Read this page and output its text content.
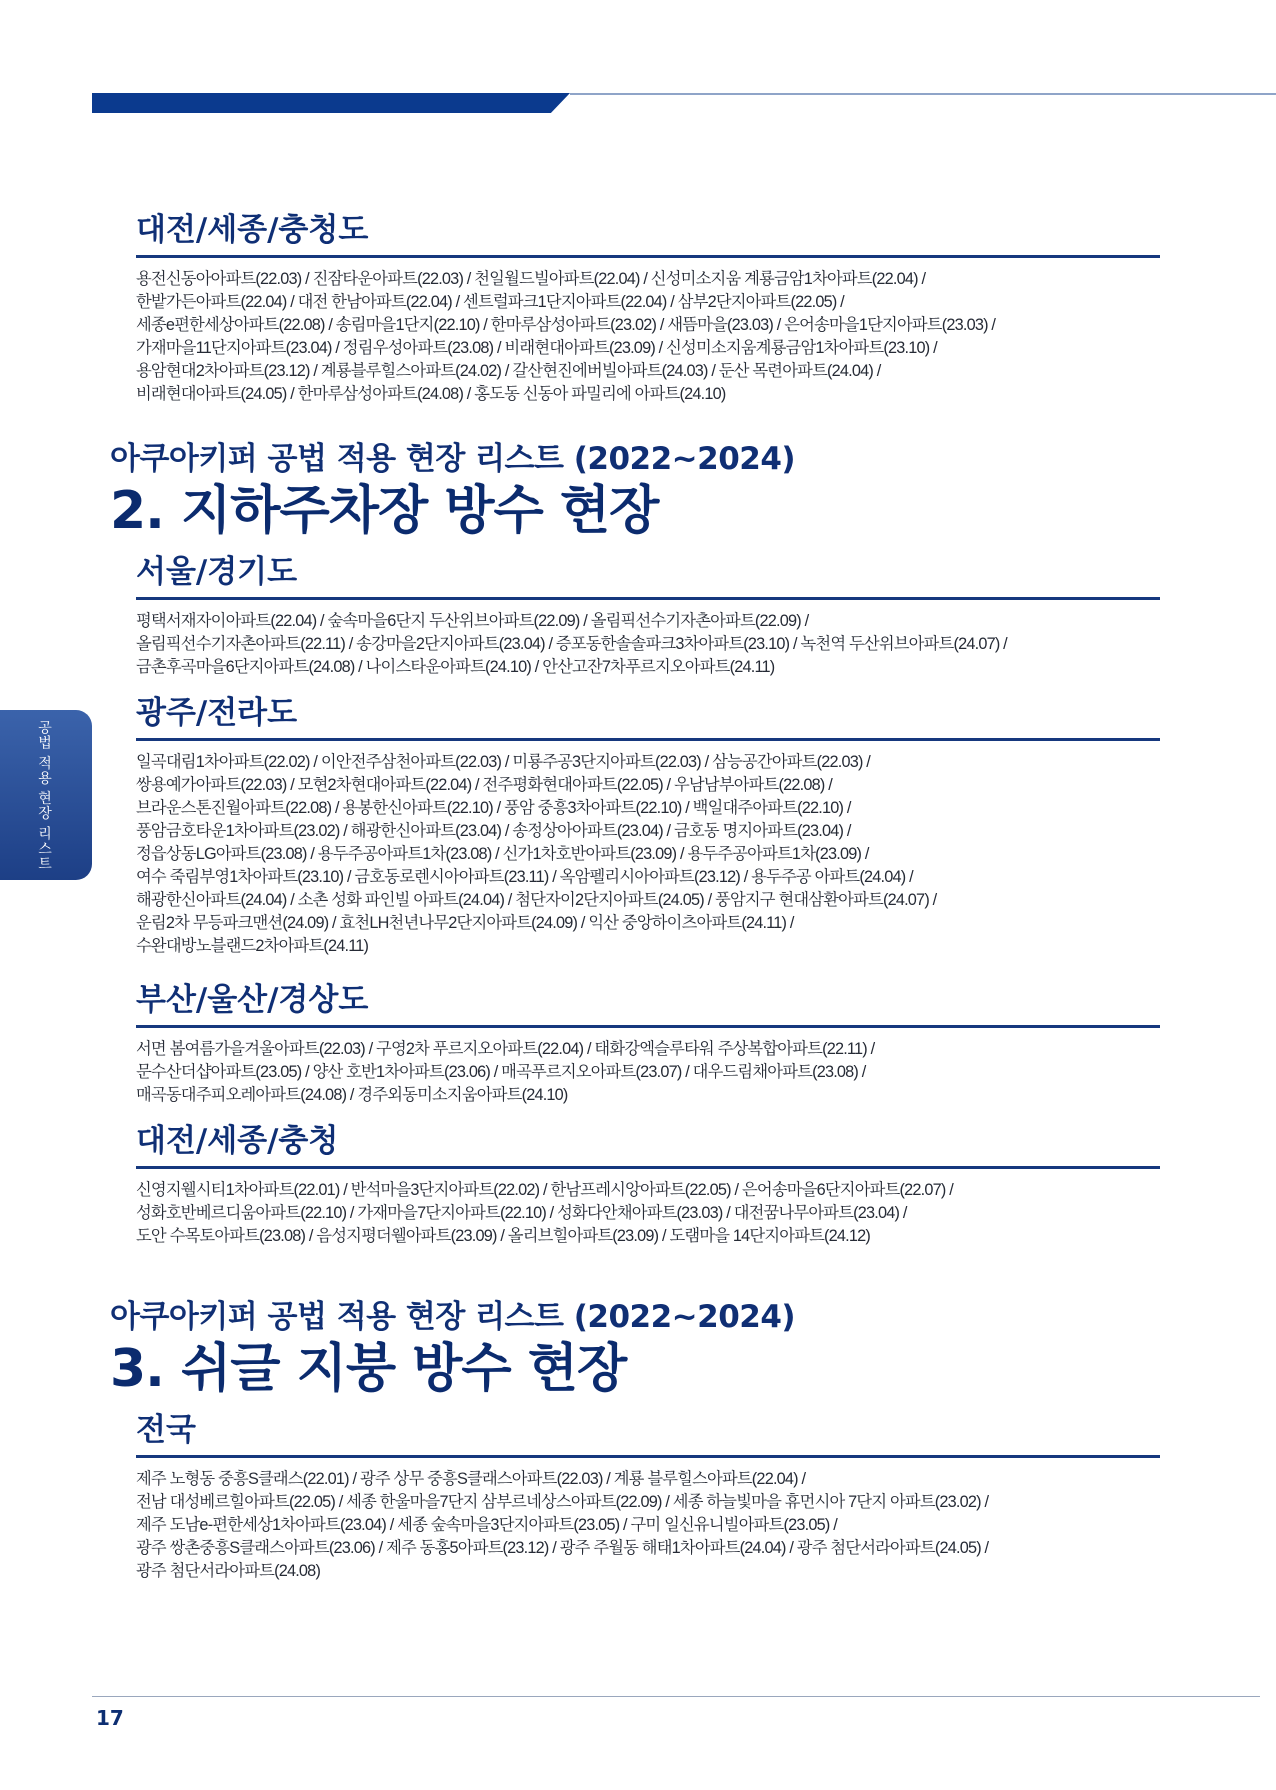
공법 적용 현장 리스트
대전/세종/충청도
용전신동아아파트(22.03) / 진잠타운아파트(22.03) / 천일월드빌아파트(22.04) / 신성미소지움 계룡금암1차아파트(22.04) /
한밭가든아파트(22.04) / 대전 한남아파트(22.04) / 센트럴파크1단지아파트(22.04) / 삼부2단지아파트(22.05) /
세종e편한세상아파트(22.08) / 송림마을1단지(22.10) / 한마루삼성아파트(23.02) / 새뜸마을(23.03) / 은어송마을1단지아파트(23.03) /
가재마을11단지아파트(23.04) / 정림우성아파트(23.08) / 비래현대아파트(23.09) / 신성미소지움계룡금암1차아파트(23.10) /
용암현대2차아파트(23.12) / 계룡블루힐스아파트(24.02) / 갈산현진에버빌아파트(24.03) / 둔산 목련아파트(24.04) /
비래현대아파트(24.05) / 한마루삼성아파트(24.08) / 홍도동 신동아 파밀리에 아파트(24.10)
아쿠아키퍼 공법 적용 현장 리스트 (2022~2024)
2. 지하주차장 방수 현장
서울/경기도
평택서재자이아파트(22.04) / 숲속마을6단지 두산위브아파트(22.09) / 올림픽선수기자촌아파트(22.09) /
올림픽선수기자촌아파트(22.11) / 송강마을2단지아파트(23.04) / 증포동한솔솔파크3차아파트(23.10) / 녹천역 두산위브아파트(24.07) /
금촌후곡마을6단지아파트(24.08) / 나이스타운아파트(24.10) / 안산고잔7차푸르지오아파트(24.11)
광주/전라도
일곡대림1차아파트(22.02) / 이안전주삼천아파트(22.03) / 미룡주공3단지아파트(22.03) / 삼능공간아파트(22.03) /
쌍용예가아파트(22.03) / 모현2차현대아파트(22.04) / 전주평화현대아파트(22.05) / 우남남부아파트(22.08) /
브라운스톤진월아파트(22.08) / 용봉한신아파트(22.10) / 풍암 중흥3차아파트(22.10) / 백일대주아파트(22.10) /
풍암금호타운1차아파트(23.02) / 해광한신아파트(23.04) / 송정상아아파트(23.04) / 금호동 명지아파트(23.04) /
정읍상동LG아파트(23.08) / 용두주공아파트1차(23.08) / 신가1차호반아파트(23.09) / 용두주공아파트1차(23.09) /
여수 죽림부영1차아파트(23.10) / 금호동로렌시아아파트(23.11) / 옥암펠리시아아파트(23.12) / 용두주공 아파트(24.04) /
해광한신아파트(24.04) / 소촌 성화 파인빌 아파트(24.04) / 첨단자이2단지아파트(24.05) / 풍암지구 현대삼환아파트(24.07) /
운림2차 무등파크맨션(24.09) / 효천LH천년나무2단지아파트(24.09) / 익산 중앙하이츠아파트(24.11) /
수완대방노블랜드2차아파트(24.11)
부산/울산/경상도
서면 봄여름가을겨울아파트(22.03) / 구영2차 푸르지오아파트(22.04) / 태화강엑슬루타워 주상복합아파트(22.11) /
문수산더샵아파트(23.05) / 양산 호반1차아파트(23.06) / 매곡푸르지오아파트(23.07) / 대우드림채아파트(23.08) /
매곡동대주피오레아파트(24.08) / 경주외동미소지움아파트(24.10)
대전/세종/충청
신영지웰시티1차아파트(22.01) / 반석마을3단지아파트(22.02) / 한남프레시앙아파트(22.05) / 은어송마을6단지아파트(22.07) /
성화호반베르디움아파트(22.10) / 가재마을7단지아파트(22.10) / 성화다안채아파트(23.03) / 대전꿈나무아파트(23.04) /
도안 수목토아파트(23.08) / 음성지평더웰아파트(23.09) / 올리브힐아파트(23.09) / 도램마을 14단지아파트(24.12)
아쿠아키퍼 공법 적용 현장 리스트 (2022~2024)
3. 쉬글 지붕 방수 현장
전국
제주 노형동 중흥S클래스(22.01) / 광주 상무 중흥S클래스아파트(22.03) / 계룡 블루힐스아파트(22.04) /
전남 대성베르힐아파트(22.05) / 세종 한울마을7단지 삼부르네상스아파트(22.09) / 세종 하늘빛마을 휴먼시아 7단지 아파트(23.02) /
제주 도남e-편한세상1차아파트(23.04) / 세종 숲속마을3단지아파트(23.05) / 구미 일신유니빌아파트(23.05) /
광주 쌍촌중흥S클래스아파트(23.06) / 제주 동홍5아파트(23.12) / 광주 주월동 해태1차아파트(24.04) / 광주 첨단서라아파트(24.05) /
광주 첨단서라아파트(24.08)
17
